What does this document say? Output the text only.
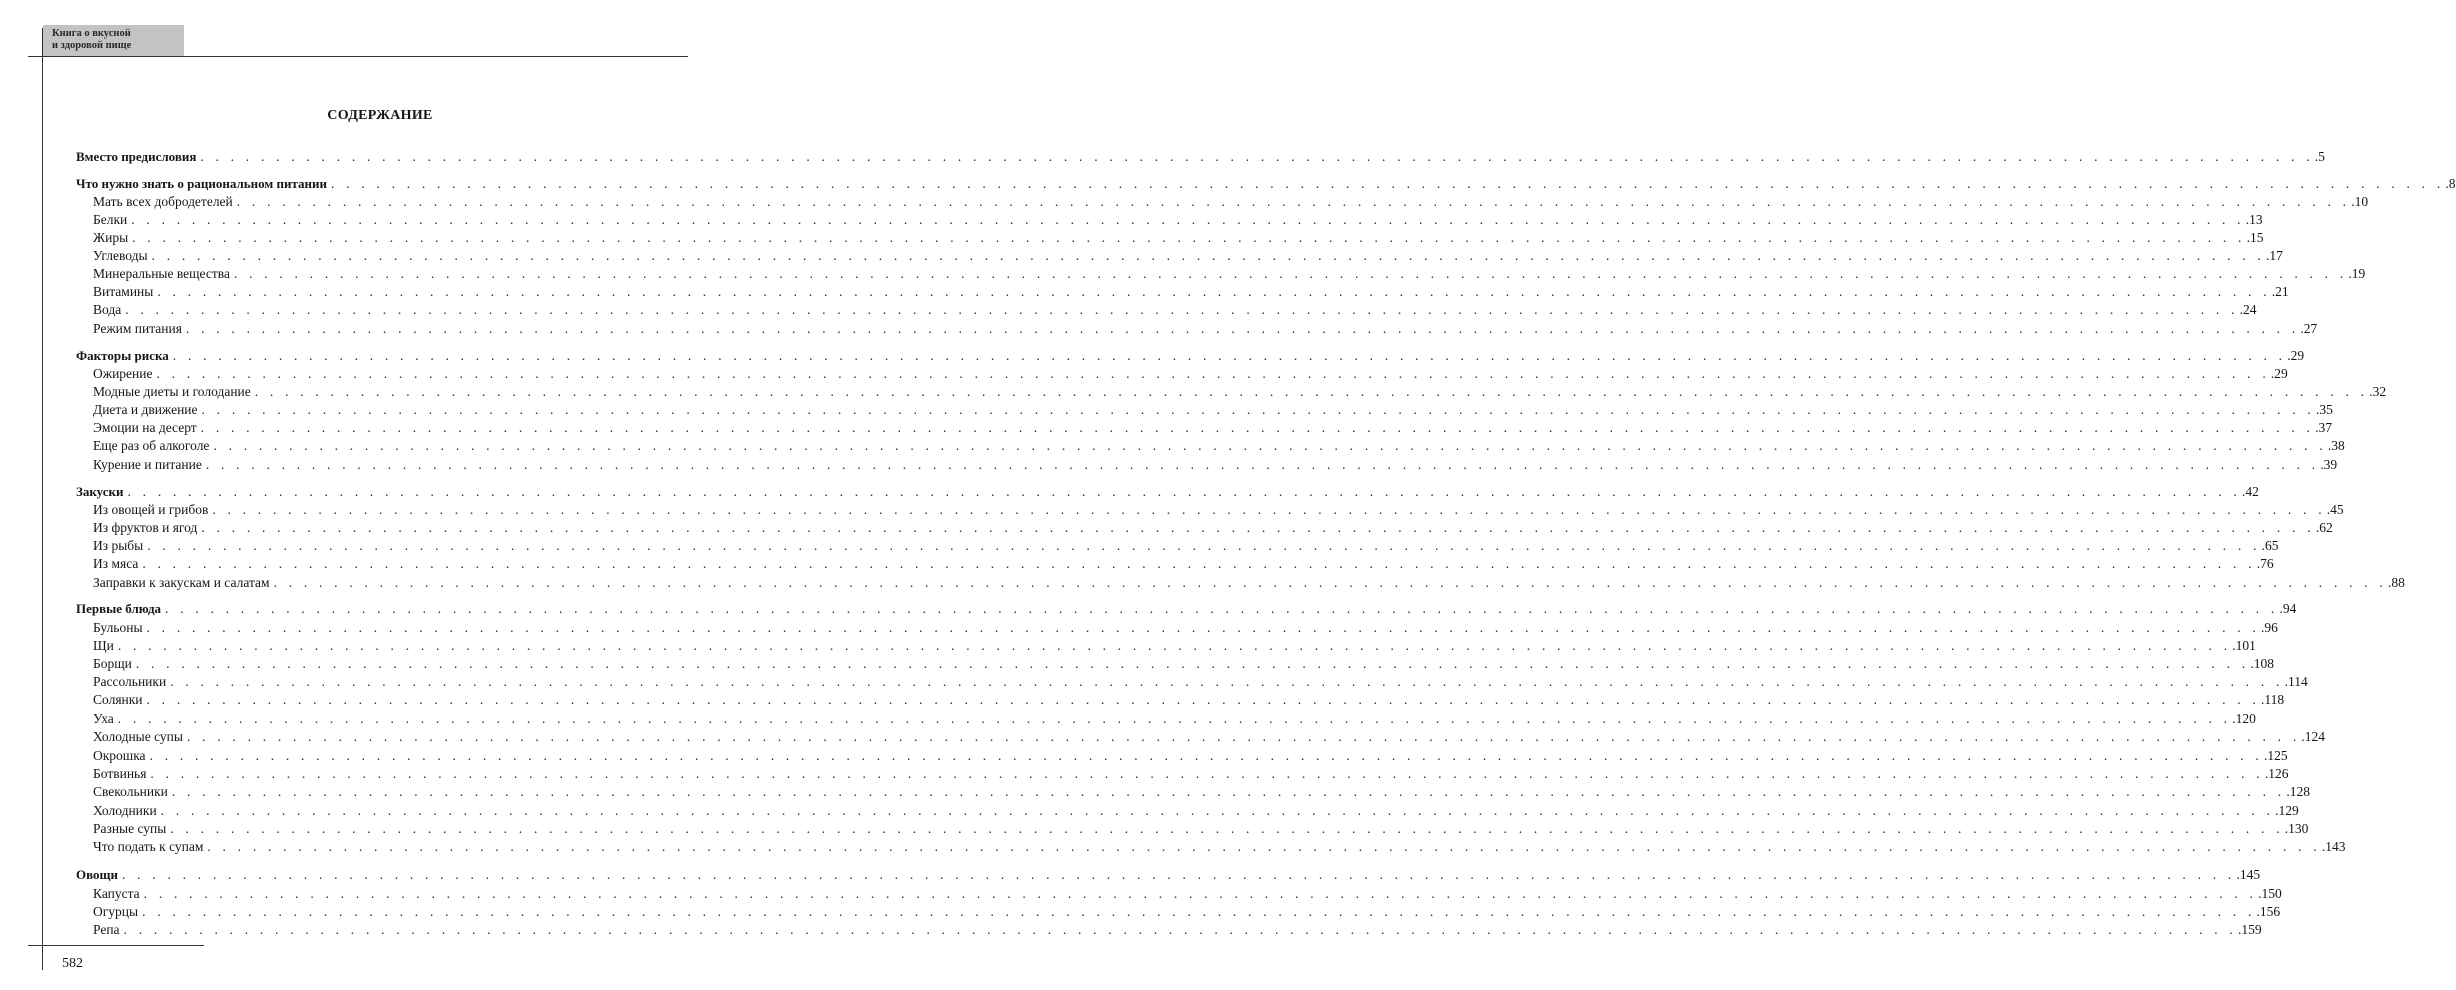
Книга о вкусной
и здоровой пище
СОДЕРЖАНИЕ
Вместо предисловия . . . . . . . . . . . . . . . . . . . . . . . . . . . . . . . . . . . . . . . . . . . . . . . . . . . . . . . . . . . . . . . . . . . . . . . . . . . . . . . . . . . . . . . . . . . . . . . . . . . . . . . . . . . . . . . . . . . . . . . . . . . . . . . . . . . . . . . . . . . . .5
Что нужно знать о рациональном питании . . . . . . . . . . . . . . . . . . . . . . . . . . . . . . . . . . . . . . . . . . . . . . . . . . . . . . . . . . . . . . . . . . . . . . . . . . . . . . . . . . . . . . . . . . . . . . . . . . . . . . . . . . . . . . . . . . . . . . . . . . . . . . . . . . . . . . . . . . . . .8
Мать всех добродетелей . . . . . . . . . . . . . . . . . . . . . . . . . . . . . . . . . . . . . . . . . . . . . . . . . . . . . . . . . . . . . . . . . . . . . . . . . . . . . . . . . . . . . . . . . . . . . . . . . . . . . . . . . . . . . . . . . . . . . . . . . . . . . . . . . . . . . . . . . . . . .10
Белки . . . . . . . . . . . . . . . . . . . . . . . . . . . . . . . . . . . . . . . . . . . . . . . . . . . . . . . . . . . . . . . . . . . . . . . . . . . . . . . . . . . . . . . . . . . . . . . . . . . . . . . . . . . . . . . . . . . . . . . . . . . . . . . . . . . . . . . . . . . . .13
Жиры . . . . . . . . . . . . . . . . . . . . . . . . . . . . . . . . . . . . . . . . . . . . . . . . . . . . . . . . . . . . . . . . . . . . . . . . . . . . . . . . . . . . . . . . . . . . . . . . . . . . . . . . . . . . . . . . . . . . . . . . . . . . . . . . . . . . . . . . . . . . .15
Углеводы . . . . . . . . . . . . . . . . . . . . . . . . . . . . . . . . . . . . . . . . . . . . . . . . . . . . . . . . . . . . . . . . . . . . . . . . . . . . . . . . . . . . . . . . . . . . . . . . . . . . . . . . . . . . . . . . . . . . . . . . . . . . . . . . . . . . . . . . . . . . .17
Минеральные вещества . . . . . . . . . . . . . . . . . . . . . . . . . . . . . . . . . . . . . . . . . . . . . . . . . . . . . . . . . . . . . . . . . . . . . . . . . . . . . . . . . . . . . . . . . . . . . . . . . . . . . . . . . . . . . . . . . . . . . . . . . . . . . . . . . . . . . . . . . . . . .19
Витамины . . . . . . . . . . . . . . . . . . . . . . . . . . . . . . . . . . . . . . . . . . . . . . . . . . . . . . . . . . . . . . . . . . . . . . . . . . . . . . . . . . . . . . . . . . . . . . . . . . . . . . . . . . . . . . . . . . . . . . . . . . . . . . . . . . . . . . . . . . . . .21
Вода . . . . . . . . . . . . . . . . . . . . . . . . . . . . . . . . . . . . . . . . . . . . . . . . . . . . . . . . . . . . . . . . . . . . . . . . . . . . . . . . . . . . . . . . . . . . . . . . . . . . . . . . . . . . . . . . . . . . . . . . . . . . . . . . . . . . . . . . . . . . .24
Режим питания . . . . . . . . . . . . . . . . . . . . . . . . . . . . . . . . . . . . . . . . . . . . . . . . . . . . . . . . . . . . . . . . . . . . . . . . . . . . . . . . . . . . . . . . . . . . . . . . . . . . . . . . . . . . . . . . . . . . . . . . . . . . . . . . . . . . . . . . . . . . .27
Факторы риска . . . . . . . . . . . . . . . . . . . . . . . . . . . . . . . . . . . . . . . . . . . . . . . . . . . . . . . . . . . . . . . . . . . . . . . . . . . . . . . . . . . . . . . . . . . . . . . . . . . . . . . . . . . . . . . . . . . . . . . . . . . . . . . . . . . . . . . . . . . . .29
Ожирение . . . . . . . . . . . . . . . . . . . . . . . . . . . . . . . . . . . . . . . . . . . . . . . . . . . . . . . . . . . . . . . . . . . . . . . . . . . . . . . . . . . . . . . . . . . . . . . . . . . . . . . . . . . . . . . . . . . . . . . . . . . . . . . . . . . . . . . . . . . . .29
Модные диеты и голодание . . . . . . . . . . . . . . . . . . . . . . . . . . . . . . . . . . . . . . . . . . . . . . . . . . . . . . . . . . . . . . . . . . . . . . . . . . . . . . . . . . . . . . . . . . . . . . . . . . . . . . . . . . . . . . . . . . . . . . . . . . . . . . . . . . . . . . . . . . . . .32
Диета и движение . . . . . . . . . . . . . . . . . . . . . . . . . . . . . . . . . . . . . . . . . . . . . . . . . . . . . . . . . . . . . . . . . . . . . . . . . . . . . . . . . . . . . . . . . . . . . . . . . . . . . . . . . . . . . . . . . . . . . . . . . . . . . . . . . . . . . . . . . . . . .35
Эмоции на десерт . . . . . . . . . . . . . . . . . . . . . . . . . . . . . . . . . . . . . . . . . . . . . . . . . . . . . . . . . . . . . . . . . . . . . . . . . . . . . . . . . . . . . . . . . . . . . . . . . . . . . . . . . . . . . . . . . . . . . . . . . . . . . . . . . . . . . . . . . . . . .37
Еще раз об алкоголе . . . . . . . . . . . . . . . . . . . . . . . . . . . . . . . . . . . . . . . . . . . . . . . . . . . . . . . . . . . . . . . . . . . . . . . . . . . . . . . . . . . . . . . . . . . . . . . . . . . . . . . . . . . . . . . . . . . . . . . . . . . . . . . . . . . . . . . . . . . . .38
Курение и питание . . . . . . . . . . . . . . . . . . . . . . . . . . . . . . . . . . . . . . . . . . . . . . . . . . . . . . . . . . . . . . . . . . . . . . . . . . . . . . . . . . . . . . . . . . . . . . . . . . . . . . . . . . . . . . . . . . . . . . . . . . . . . . . . . . . . . . . . . . . . .39
Закуски . . . . . . . . . . . . . . . . . . . . . . . . . . . . . . . . . . . . . . . . . . . . . . . . . . . . . . . . . . . . . . . . . . . . . . . . . . . . . . . . . . . . . . . . . . . . . . . . . . . . . . . . . . . . . . . . . . . . . . . . . . . . . . . . . . . . . . . . . . . . .42
Из овощей и грибов . . . . . . . . . . . . . . . . . . . . . . . . . . . . . . . . . . . . . . . . . . . . . . . . . . . . . . . . . . . . . . . . . . . . . . . . . . . . . . . . . . . . . . . . . . . . . . . . . . . . . . . . . . . . . . . . . . . . . . . . . . . . . . . . . . . . . . . . . . . . .45
Из фруктов и ягод . . . . . . . . . . . . . . . . . . . . . . . . . . . . . . . . . . . . . . . . . . . . . . . . . . . . . . . . . . . . . . . . . . . . . . . . . . . . . . . . . . . . . . . . . . . . . . . . . . . . . . . . . . . . . . . . . . . . . . . . . . . . . . . . . . . . . . . . . . . . .62
Из рыбы . . . . . . . . . . . . . . . . . . . . . . . . . . . . . . . . . . . . . . . . . . . . . . . . . . . . . . . . . . . . . . . . . . . . . . . . . . . . . . . . . . . . . . . . . . . . . . . . . . . . . . . . . . . . . . . . . . . . . . . . . . . . . . . . . . . . . . . . . . . . .65
Из мяса . . . . . . . . . . . . . . . . . . . . . . . . . . . . . . . . . . . . . . . . . . . . . . . . . . . . . . . . . . . . . . . . . . . . . . . . . . . . . . . . . . . . . . . . . . . . . . . . . . . . . . . . . . . . . . . . . . . . . . . . . . . . . . . . . . . . . . . . . . . . .76
Заправки к закускам и салатам . . . . . . . . . . . . . . . . . . . . . . . . . . . . . . . . . . . . . . . . . . . . . . . . . . . . . . . . . . . . . . . . . . . . . . . . . . . . . . . . . . . . . . . . . . . . . . . . . . . . . . . . . . . . . . . . . . . . . . . . . . . . . . . . . . . . . . . . . . . . .88
Первые блюда . . . . . . . . . . . . . . . . . . . . . . . . . . . . . . . . . . . . . . . . . . . . . . . . . . . . . . . . . . . . . . . . . . . . . . . . . . . . . . . . . . . . . . . . . . . . . . . . . . . . . . . . . . . . . . . . . . . . . . . . . . . . . . . . . . . . . . . . . . . . .94
Бульоны . . . . . . . . . . . . . . . . . . . . . . . . . . . . . . . . . . . . . . . . . . . . . . . . . . . . . . . . . . . . . . . . . . . . . . . . . . . . . . . . . . . . . . . . . . . . . . . . . . . . . . . . . . . . . . . . . . . . . . . . . . . . . . . . . . . . . . . . . . . . .96
Щи . . . . . . . . . . . . . . . . . . . . . . . . . . . . . . . . . . . . . . . . . . . . . . . . . . . . . . . . . . . . . . . . . . . . . . . . . . . . . . . . . . . . . . . . . . . . . . . . . . . . . . . . . . . . . . . . . . . . . . . . . . . . . . . . . . . . . . . . . . . . .101
Борщи . . . . . . . . . . . . . . . . . . . . . . . . . . . . . . . . . . . . . . . . . . . . . . . . . . . . . . . . . . . . . . . . . . . . . . . . . . . . . . . . . . . . . . . . . . . . . . . . . . . . . . . . . . . . . . . . . . . . . . . . . . . . . . . . . . . . . . . . . . . . .108
Рассольники . . . . . . . . . . . . . . . . . . . . . . . . . . . . . . . . . . . . . . . . . . . . . . . . . . . . . . . . . . . . . . . . . . . . . . . . . . . . . . . . . . . . . . . . . . . . . . . . . . . . . . . . . . . . . . . . . . . . . . . . . . . . . . . . . . . . . . . . . . . . .114
Солянки . . . . . . . . . . . . . . . . . . . . . . . . . . . . . . . . . . . . . . . . . . . . . . . . . . . . . . . . . . . . . . . . . . . . . . . . . . . . . . . . . . . . . . . . . . . . . . . . . . . . . . . . . . . . . . . . . . . . . . . . . . . . . . . . . . . . . . . . . . . . .118
Уха . . . . . . . . . . . . . . . . . . . . . . . . . . . . . . . . . . . . . . . . . . . . . . . . . . . . . . . . . . . . . . . . . . . . . . . . . . . . . . . . . . . . . . . . . . . . . . . . . . . . . . . . . . . . . . . . . . . . . . . . . . . . . . . . . . . . . . . . . . . . .120
Холодные супы . . . . . . . . . . . . . . . . . . . . . . . . . . . . . . . . . . . . . . . . . . . . . . . . . . . . . . . . . . . . . . . . . . . . . . . . . . . . . . . . . . . . . . . . . . . . . . . . . . . . . . . . . . . . . . . . . . . . . . . . . . . . . . . . . . . . . . . . . . . . .124
Окрошка . . . . . . . . . . . . . . . . . . . . . . . . . . . . . . . . . . . . . . . . . . . . . . . . . . . . . . . . . . . . . . . . . . . . . . . . . . . . . . . . . . . . . . . . . . . . . . . . . . . . . . . . . . . . . . . . . . . . . . . . . . . . . . . . . . . . . . . . . . . . .125
Ботвинья . . . . . . . . . . . . . . . . . . . . . . . . . . . . . . . . . . . . . . . . . . . . . . . . . . . . . . . . . . . . . . . . . . . . . . . . . . . . . . . . . . . . . . . . . . . . . . . . . . . . . . . . . . . . . . . . . . . . . . . . . . . . . . . . . . . . . . . . . . . . .126
Свекольники . . . . . . . . . . . . . . . . . . . . . . . . . . . . . . . . . . . . . . . . . . . . . . . . . . . . . . . . . . . . . . . . . . . . . . . . . . . . . . . . . . . . . . . . . . . . . . . . . . . . . . . . . . . . . . . . . . . . . . . . . . . . . . . . . . . . . . . . . . . . .128
Холодники . . . . . . . . . . . . . . . . . . . . . . . . . . . . . . . . . . . . . . . . . . . . . . . . . . . . . . . . . . . . . . . . . . . . . . . . . . . . . . . . . . . . . . . . . . . . . . . . . . . . . . . . . . . . . . . . . . . . . . . . . . . . . . . . . . . . . . . . . . . . .129
Разные супы . . . . . . . . . . . . . . . . . . . . . . . . . . . . . . . . . . . . . . . . . . . . . . . . . . . . . . . . . . . . . . . . . . . . . . . . . . . . . . . . . . . . . . . . . . . . . . . . . . . . . . . . . . . . . . . . . . . . . . . . . . . . . . . . . . . . . . . . . . . . .130
Что подать к супам . . . . . . . . . . . . . . . . . . . . . . . . . . . . . . . . . . . . . . . . . . . . . . . . . . . . . . . . . . . . . . . . . . . . . . . . . . . . . . . . . . . . . . . . . . . . . . . . . . . . . . . . . . . . . . . . . . . . . . . . . . . . . . . . . . . . . . . . . . . . .143
Овощи . . . . . . . . . . . . . . . . . . . . . . . . . . . . . . . . . . . . . . . . . . . . . . . . . . . . . . . . . . . . . . . . . . . . . . . . . . . . . . . . . . . . . . . . . . . . . . . . . . . . . . . . . . . . . . . . . . . . . . . . . . . . . . . . . . . . . . . . . . . . .145
Капуста . . . . . . . . . . . . . . . . . . . . . . . . . . . . . . . . . . . . . . . . . . . . . . . . . . . . . . . . . . . . . . . . . . . . . . . . . . . . . . . . . . . . . . . . . . . . . . . . . . . . . . . . . . . . . . . . . . . . . . . . . . . . . . . . . . . . . . . . . . . . .150
Огурцы . . . . . . . . . . . . . . . . . . . . . . . . . . . . . . . . . . . . . . . . . . . . . . . . . . . . . . . . . . . . . . . . . . . . . . . . . . . . . . . . . . . . . . . . . . . . . . . . . . . . . . . . . . . . . . . . . . . . . . . . . . . . . . . . . . . . . . . . . . . . .156
Репа . . . . . . . . . . . . . . . . . . . . . . . . . . . . . . . . . . . . . . . . . . . . . . . . . . . . . . . . . . . . . . . . . . . . . . . . . . . . . . . . . . . . . . . . . . . . . . . . . . . . . . . . . . . . . . . . . . . . . . . . . . . . . . . . . . . . . . . . . . . . .159
582
